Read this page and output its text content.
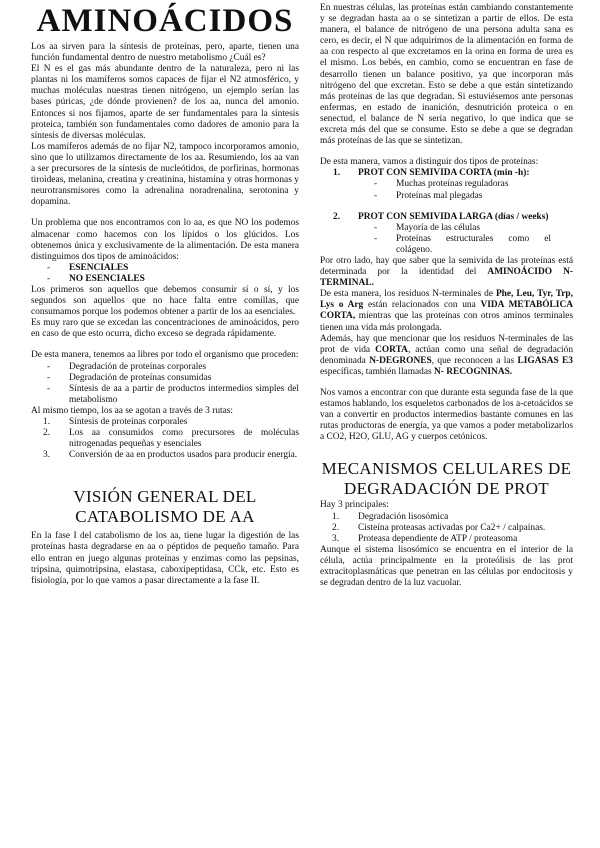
AMINOÁCIDOS

Los aa sirven para la síntesis de proteínas, pero, aparte, tienen una función fundamental dentro de nuestro metabolismo ¿Cuál es?

El N es el gas más abundante dentro de la naturaleza, pero ni las plantas ni los mamíferos somos capaces de fijar el N2 atmosférico, y muchas moléculas nuestras tienen nitrógeno, un ejemplo serían las bases púricas, ¿de dónde provienen? de los aa, nunca del amonio. Entonces si nos fijamos, aparte de ser fundamentales para la síntesis proteica, también son fundamentales como dadores de amonio para la síntesis de diversas moléculas.

Los mamíferos además de no fijar N2, tampoco incorporamos amonio, sino que lo utilizamos directamente de los aa. Resumiendo, los aa van a ser precursores de la síntesis de nucleótidos, de porfirinas, hormonas tiroideas, melanina, creatina y creatinina, histamina y otras hormonas y neurotransmisores como la adrenalina noradrenalina, serotonina y dopamina.

Un problema que nos encontramos con lo aa, es que NO los podemos almacenar como hacemos con los lípidos o los glúcidos. Los obtenemos única y exclusivamente de la alimentación. De esta manera distinguimos dos tipos de aminoácidos:

- ESENCIALES
- NO ESENCIALES

Los primeros son aquellos que debemos consumir sí o sí, y los segundos son aquellos que no hace falta entre comillas, que consumamos porque los podemos obtener a partir de los aa esenciales.

Es muy raro que se excedan las concentraciones de aminoácidos, pero en caso de que esto ocurra, dicho exceso se degrada rápidamente.

De esta manera, tenemos aa libres por todo el organismo que proceden:

- Degradación de proteínas corporales
- Degradación de proteínas consumidas
- Síntesis de aa a partir de productos intermedios simples del metabolismo

Al mismo tiempo, los aa se agotan a través de 3 rutas:

1. Síntesis de proteínas corporales
2. Los aa consumidos como precursores de moléculas nitrogenadas pequeñas y esenciales
3. Conversión de aa en productos usados para producir energía.
VISIÓN GENERAL DEL CATABOLISMO DE AA

En la fase I del catabolismo de los aa, tiene lugar la digestión de las proteínas hasta degradarse en aa o péptidos de pequeño tamaño. Para ello entran en juego algunas proteínas y enzimas como las pepsinas, tripsina, quimotripsina, elastasa, caboxipeptidasa, CCk, etc. Esto es fisiología, por lo que vamos a pasar directamente a la fase II.

En nuestras células, las proteínas están cambiando constantemente y se degradan hasta aa o se sintetizan a partir de ellos. De esta manera, el balance de nitrógeno de una persona adulta sana es cero, es decir, el N que adquirimos de la alimentación en forma de aa con respecto al que excretamos en la orina en forma de urea es el mismo. Los bebés, en cambio, como se encuentran en fase de desarrollo tienen un balance positivo, ya que incorporan más nitrógeno del que excretan. Esto se debe a que están sintetizando más proteínas de las que degradan. Si estuviésemos ante personas enfermas, en estado de inanición, desnutrición proteica o en senectud, el balance de N sería negativo, lo que indica que se excreta más del que se consume. Esto se debe a que se degradan más proteínas de las que se sintetizan.

De esta manera, vamos a distinguir dos tipos de proteínas:

1. PROT CON SEMIVIDA CORTA (min -h):
- Muchas proteínas reguladoras
- Proteínas mal plegadas
2. PROT CON SEMIVIDA LARGA (días / weeks)
- Mayoría de las células
- Proteínas estructurales como el colágeno.

Por otro lado, hay que saber que la semivida de las proteínas está determinada por la identidad del AMINOÁCIDO N-TERMINAL.

De esta manera, los residuos N-terminales de Phe, Leu, Tyr, Trp, Lys o Arg están relacionados con una VIDA METABÓLICA CORTA, mientras que las proteínas con otros aminos terminales tienen una vida más prolongada.

Además, hay que mencionar que los residuos N-terminales de las prot de vida CORTA, actúan como una señal de degradación denominada N-DEGRONES, que reconocen a las LIGASAS E3 específicas, también llamadas N- RECOGNINAS.

Nos vamos a encontrar con que durante esta segunda fase de la que estamos hablando, los esqueletos carbonados de los a-cetoácidos se van a convertir en productos intermedios bastante comunes en las rutas productoras de energía, ya que vamos a poder metabolizarlos a CO2, H2O, GLU, AG y cuerpos cetónicos.

MECANISMOS CELULARES DE DEGRADACIÓN DE PROT

Hay 3 principales:

1. Degradación lisosómica
2. Cisteína proteasas activadas por Ca2+ / calpaínas.
3. Proteasa dependiente de ATP / proteasoma

Aunque el sistema lisosómico se encuentra en el interior de la célula, actúa principalmente en la proteólisis de las prot extracitoplasmáticas que penetran en las células por endocitosis y se degradan dentro de la luz vacuolar.
